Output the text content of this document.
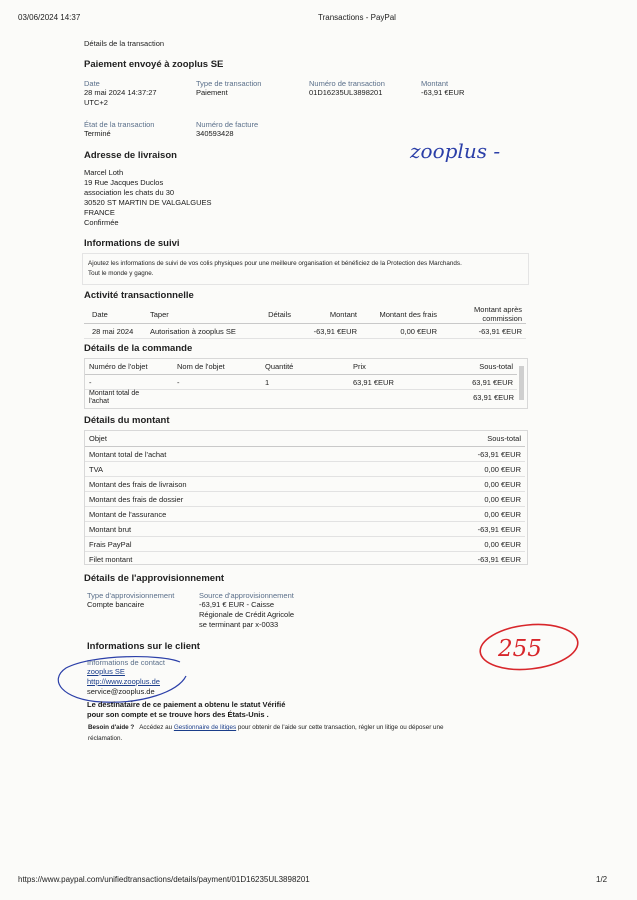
03/06/2024 14:37	Transactions - PayPal
Détails de la transaction
Paiement envoyé à zooplus SE
Date
28 mai 2024 14:37:27
UTC+2
Type de transaction
Paiement
Numéro de transaction
01D16235UL3898201
Montant
-63,91 €EUR
État de la transaction
Terminé
Numéro de facture
340593428
zooplus -
Adresse de livraison
Marcel Loth
19 Rue Jacques Duclos
association les chats du 30
30520 ST MARTIN DE VALGALGUES
FRANCE
Confirmée
Informations de suivi
Ajoutez les informations de suivi de vos colis physiques pour une meilleure organisation et bénéficiez de la Protection des Marchands.
Tout le monde y gagne.
Activité transactionnelle
Date	Taper	Détails	Montant	Montant des frais	Montant après commission
28 mai 2024	Autorisation à zooplus SE		-63,91 €EUR	0,00 €EUR	-63,91 €EUR
Détails de la commande
Numéro de l'objet	Nom de l'objet	Quantité	Prix	Sous-total
-	-	1	63,91 €EUR	63,91 €EUR
Montant total de
l'achat	63,91 €EUR
Détails du montant
Objet	Sous-total
Montant total de l'achat	-63,91 €EUR
TVA	0,00 €EUR
Montant des frais de livraison	0,00 €EUR
Montant des frais de dossier	0,00 €EUR
Montant de l'assurance	0,00 €EUR
Montant brut	-63,91 €EUR
Frais PayPal	0,00 €EUR
Filet montant	-63,91 €EUR
Détails de l'approvisionnement
Type d'approvisionnement
Compte bancaire
Source d'approvisionnement
-63,91 € EUR - Caisse
Régionale de Crédit Agricole
se terminant par x-0033
255
Informations sur le client
Informations de contact
zooplus SE
http://www.zooplus.de
service@zooplus.de
Le destinataire de ce paiement a obtenu le statut Vérifié
pour son compte et se trouve hors des États-Unis .
Besoin d'aide ? Accédez au Gestionnaire de litiges pour obtenir de l'aide sur cette transaction, régler un litige ou déposer une
réclamation.
https://www.paypal.com/unifiedtransactions/details/payment/01D16235UL3898201	1/2
